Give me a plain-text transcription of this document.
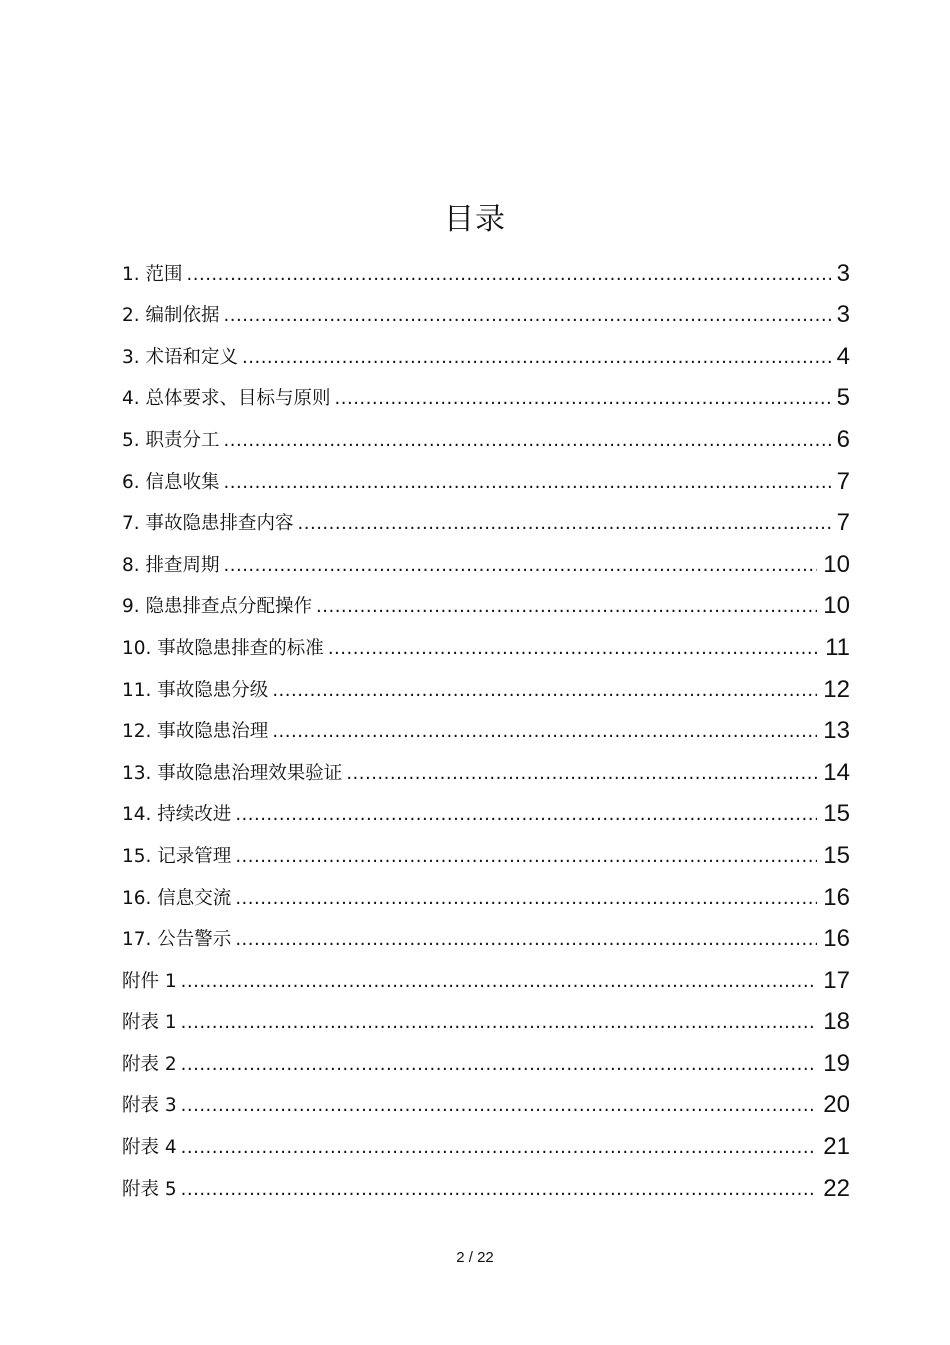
目录
1. 范围 .....	3
2. 编制依据 .....	3
3. 术语和定义 .....	4
4. 总体要求、目标与原则 .....	5
5. 职责分工 .....	6
6. 信息收集 .....	7
7. 事故隐患排查内容 .....	7
8. 排查周期 .....	10
9. 隐患排查点分配操作 .....	10
10. 事故隐患排查的标准 .....	11
11. 事故隐患分级 .....	12
12. 事故隐患治理 .....	13
13. 事故隐患治理效果验证 .....	14
14. 持续改进 .....	15
15. 记录管理 .....	15
16. 信息交流 .....	16
17. 公告警示 .....	16
附件 1 .....	17
附表 1 .....	18
附表 2 .....	19
附表 3 .....	20
附表 4 .....	21
附表 5 .....	22
2 / 22
